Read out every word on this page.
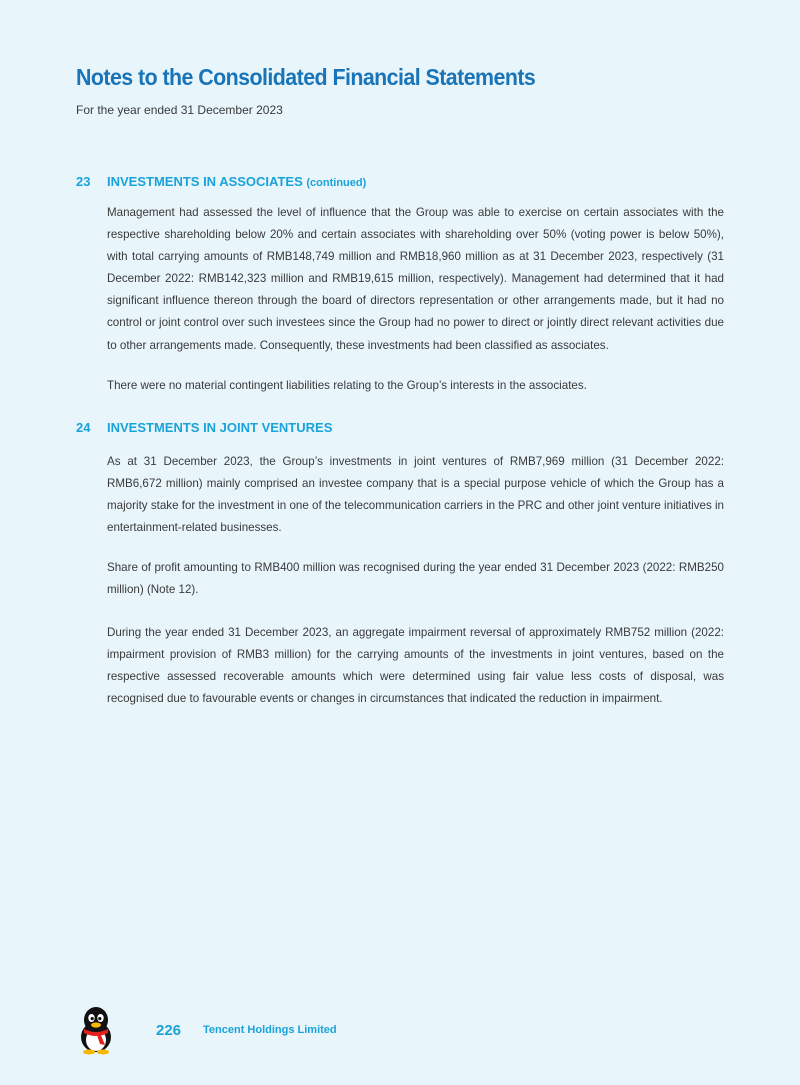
Notes to the Consolidated Financial Statements
For the year ended 31 December 2023
23 INVESTMENTS IN ASSOCIATES (continued)

Management had assessed the level of influence that the Group was able to exercise on certain associates with the respective shareholding below 20% and certain associates with shareholding over 50% (voting power is below 50%), with total carrying amounts of RMB148,749 million and RMB18,960 million as at 31 December 2023, respectively (31 December 2022: RMB142,323 million and RMB19,615 million, respectively). Management had determined that it had significant influence thereon through the board of directors representation or other arrangements made, but it had no control or joint control over such investees since the Group had no power to direct or jointly direct relevant activities due to other arrangements made. Consequently, these investments had been classified as associates.

There were no material contingent liabilities relating to the Group’s interests in the associates.

24 INVESTMENTS IN JOINT VENTURES

As at 31 December 2023, the Group’s investments in joint ventures of RMB7,969 million (31 December 2022: RMB6,672 million) mainly comprised an investee company that is a special purpose vehicle of which the Group has a majority stake for the investment in one of the telecommunication carriers in the PRC and other joint venture initiatives in entertainment-related businesses.

Share of profit amounting to RMB400 million was recognised during the year ended 31 December 2023 (2022: RMB250 million) (Note 12).

During the year ended 31 December 2023, an aggregate impairment reversal of approximately RMB752 million (2022: impairment provision of RMB3 million) for the carrying amounts of the investments in joint ventures, based on the respective assessed recoverable amounts which were determined using fair value less costs of disposal, was recognised due to favourable events or changes in circumstances that indicated the reduction in impairment.

226 Tencent Holdings Limited
